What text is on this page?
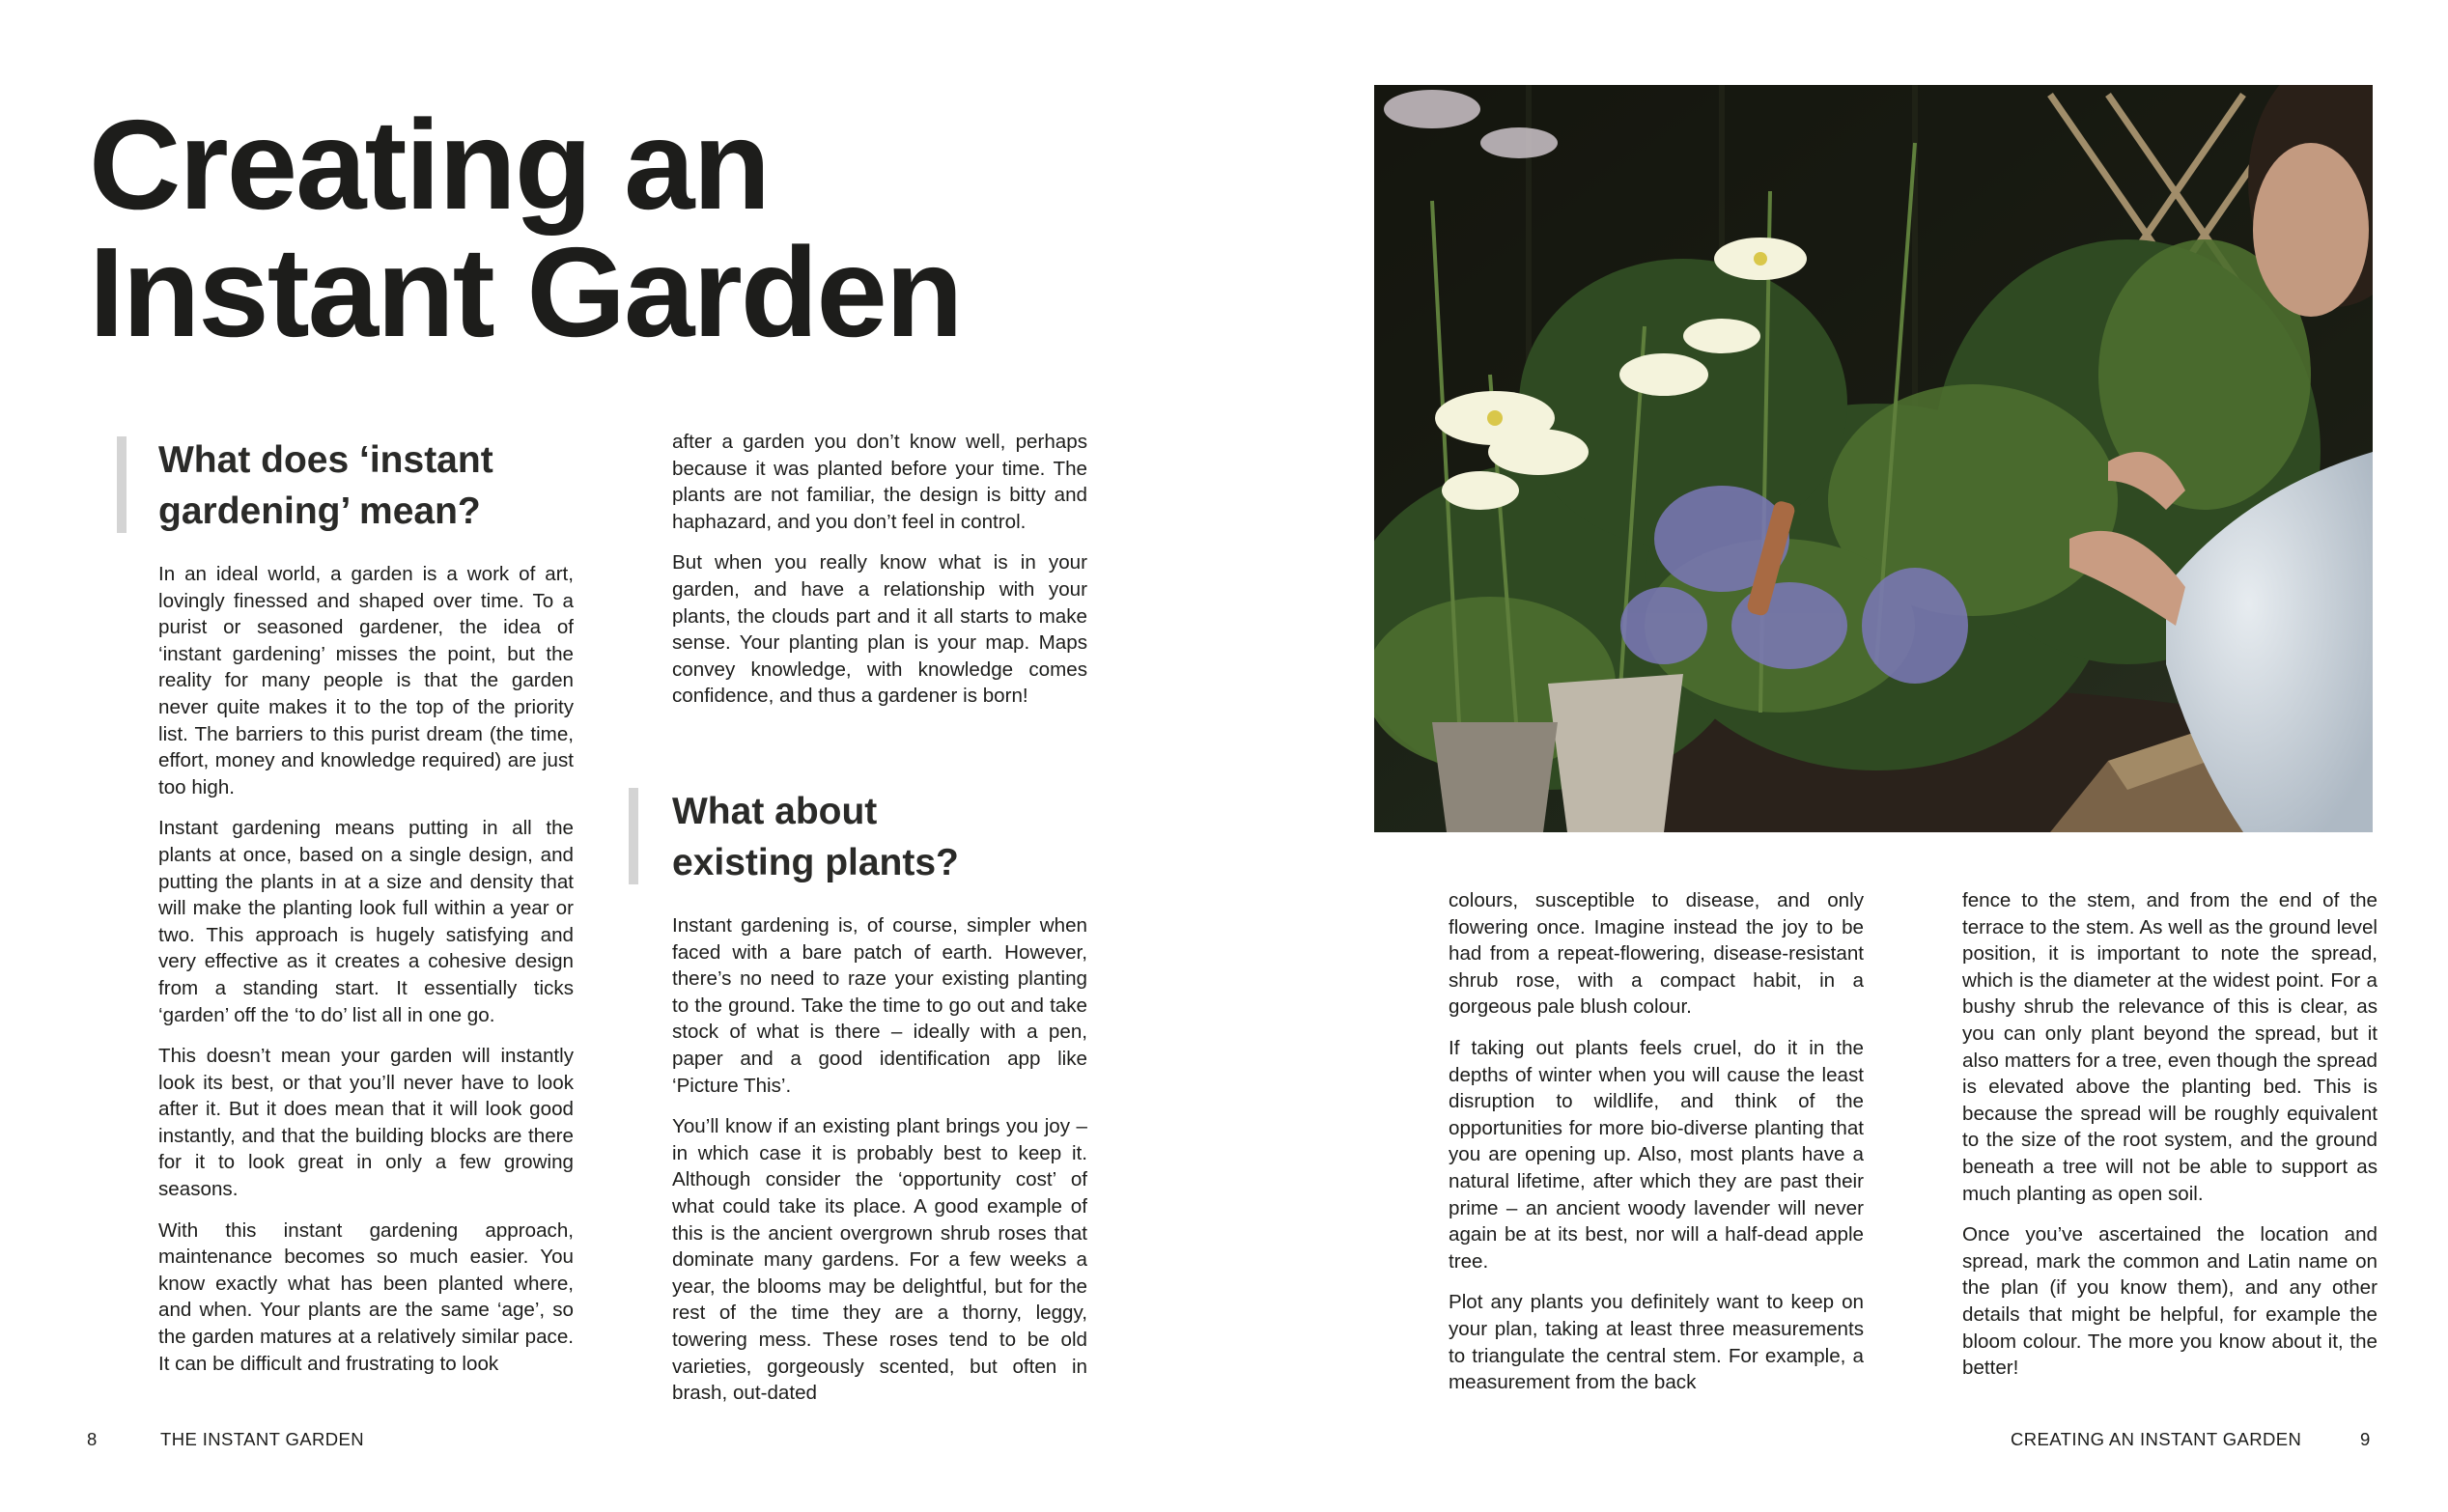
Creating an
Instant Garden
What does ‘instant
gardening’ mean?

In an ideal world, a garden is a work of art, lovingly finessed and shaped over time. To a purist or seasoned gardener, the idea of ‘instant gardening’ misses the point, but the reality for many people is that the garden never quite makes it to the top of the priority list. The barriers to this purist dream (the time, effort, money and knowledge required) are just too high.

Instant gardening means putting in all the plants at once, based on a single design, and putting the plants in at a size and density that will make the planting look full within a year or two. This approach is hugely satisfying and very effective as it creates a cohesive design from a standing start. It essentially ticks ‘garden’ off the ‘to do’ list all in one go.

This doesn’t mean your garden will instantly look its best, or that you’ll never have to look after it. But it does mean that it will look good instantly, and that the building blocks are there for it to look great in only a few growing seasons.

With this instant gardening approach, maintenance becomes so much easier. You know exactly what has been planted where, and when. Your plants are the same ‘age’, so the garden matures at a relatively similar pace. It can be difficult and frustrating to look

after a garden you don’t know well, perhaps because it was planted before your time. The plants are not familiar, the design is bitty and haphazard, and you don’t feel in control.

But when you really know what is in your garden, and have a relationship with your plants, the clouds part and it all starts to make sense. Your planting plan is your map. Maps convey knowledge, with knowledge comes confidence, and thus a gardener is born!

What about
existing plants?

Instant gardening is, of course, simpler when faced with a bare patch of earth. However, there’s no need to raze your existing planting to the ground. Take the time to go out and take stock of what is there – ideally with a pen, paper and a good identification app like ‘Picture This’.

You’ll know if an existing plant brings you joy – in which case it is probably best to keep it. Although consider the ‘opportunity cost’ of what could take its place. A good example of this is the ancient overgrown shrub roses that dominate many gardens. For a few weeks a year, the blooms may be delightful, but for the rest of the time they are a thorny, leggy, towering mess. These roses tend to be old varieties, gorgeously scented, but often in brash, out-dated

colours, susceptible to disease, and only flowering once. Imagine instead the joy to be had from a repeat-flowering, disease-resistant shrub rose, with a compact habit, in a gorgeous pale blush colour.

If taking out plants feels cruel, do it in the depths of winter when you will cause the least disruption to wildlife, and think of the opportunities for more bio-diverse planting that you are opening up. Also, most plants have a natural lifetime, after which they are past their prime – an ancient woody lavender will never again be at its best, nor will a half-dead apple tree.

Plot any plants you definitely want to keep on your plan, taking at least three measurements to triangulate the central stem. For example, a measurement from the back

fence to the stem, and from the end of the terrace to the stem. As well as the ground level position, it is important to note the spread, which is the diameter at the widest point. For a bushy shrub the relevance of this is clear, as you can only plant beyond the spread, but it also matters for a tree, even though the spread is elevated above the planting bed. This is because the spread will be roughly equivalent to the size of the root system, and the ground beneath a tree will not be able to support as much planting as open soil.

Once you’ve ascertained the location and spread, mark the common and Latin name on the plan (if you know them), and any other details that might be helpful, for example the bloom colour. The more you know about it, the better!

8	THE INSTANT GARDEN	CREATING AN INSTANT GARDEN	9
